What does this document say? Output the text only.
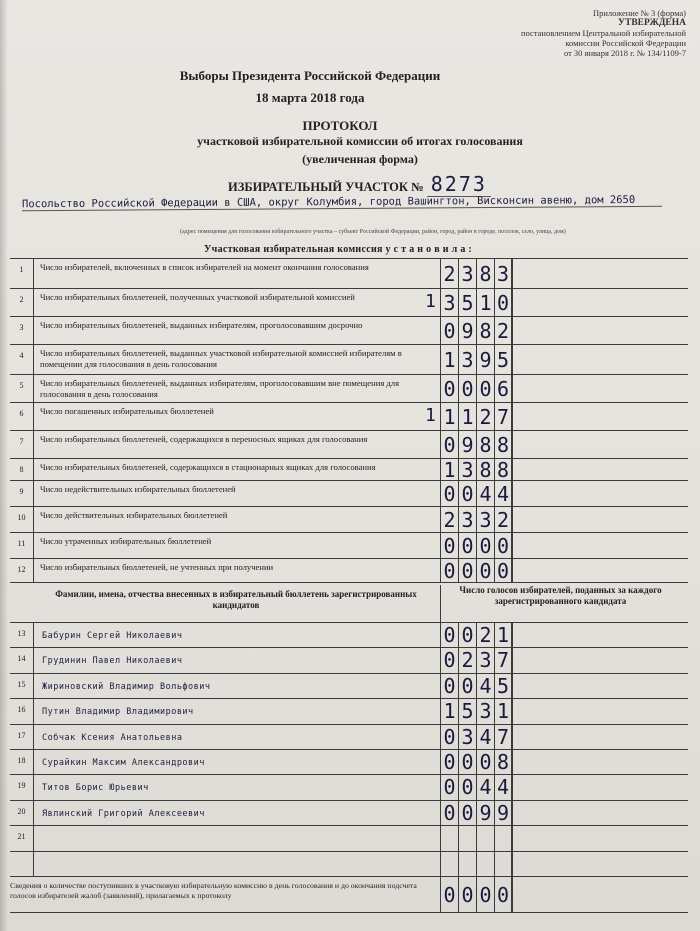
Приложение № 3 (форма)
УТВЕРЖДЕНА
постановлением Центральной избирательной
комиссии Российской Федерации
от 30 января 2018 г. № 134/1109-7
Выборы Президента Российской Федерации
18 марта 2018 года
ПРОТОКОЛ
участковой избирательной комиссии об итогах голосования
(увеличенная форма)
ИЗБИРАТЕЛЬНЫЙ УЧАСТОК № 8273
Посольство Российской Федерации в США, округ Колумбия, город Вашингтон, Висконсин авеню, дом 2650
(адрес помещения для голосования избирательного участка – субъект Российской Федерации, район, город, район в городе, поселок, село, улица, дом)
Участковая избирательная комиссия у с т а н о в и л а :
1	Число избирателей, включенных в список избирателей на момент окончания голосования	2 3 8 3
2	Число избирательных бюллетеней, полученных участковой избирательной комиссией	1 3 5 1 0
3	Число избирательных бюллетеней, выданных избирателям, проголосовавшим досрочно	0 9 8 2
4	Число избирательных бюллетеней, выданных участковой избирательной комиссией избирателям в помещении для голосования в день голосования	1 3 9 5
5	Число избирательных бюллетеней, выданных избирателям, проголосовавшим вне помещения для голосования в день голосования	0 0 0 6
6	Число погашенных избирательных бюллетеней	1 1 1 2 7
7	Число избирательных бюллетеней, содержащихся в переносных ящиках для голосования	0 9 8 8
8	Число избирательных бюллетеней, содержащихся в стационарных ящиках для голосования	1 3 8 8
9	Число недействительных избирательных бюллетеней	0 0 4 4
10	Число действительных избирательных бюллетеней	2 3 3 2
11	Число утраченных избирательных бюллетеней	0 0 0 0
12	Число избирательных бюллетеней, не учтенных при получении	0 0 0 0
Фамилии, имена, отчества внесенных в избирательный бюллетень зарегистрированных кандидатов
Число голосов избирателей, поданных за каждого зарегистрированного кандидата
13	Бабурин Сергей Николаевич	0 0 2 1
14	Грудинин Павел Николаевич	0 2 3 7
15	Жириновский Владимир Вольфович	0 0 4 5
16	Путин Владимир Владимирович	1 5 3 1
17	Собчак Ксения Анатольевна	0 3 4 7
18	Сурайкин Максим Александрович	0 0 0 8
19	Титов Борис Юрьевич	0 0 4 4
20	Явлинский Григорий Алексеевич	0 0 9 9
21
Сведения о количестве поступивших в участковую избирательную комиссию в день голосования и до окончания подсчета голосов избирателей жалоб (заявлений), прилагаемых к протоколу	0 0 0 0
